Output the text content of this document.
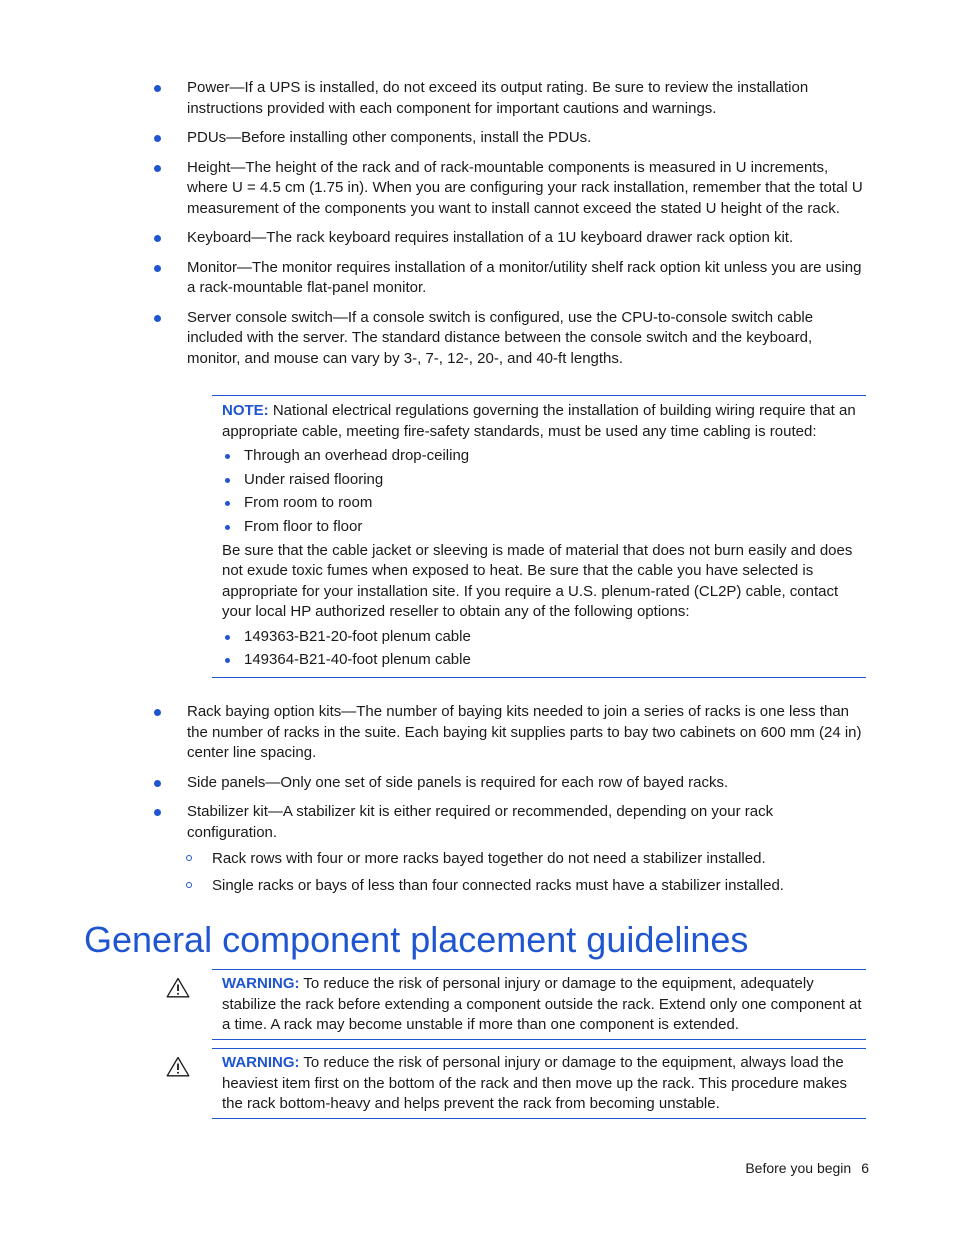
Power—If a UPS is installed, do not exceed its output rating. Be sure to review the installation instructions provided with each component for important cautions and warnings.
PDUs—Before installing other components, install the PDUs.
Height—The height of the rack and of rack-mountable components is measured in U increments, where U = 4.5 cm (1.75 in). When you are configuring your rack installation, remember that the total U measurement of the components you want to install cannot exceed the stated U height of the rack.
Keyboard—The rack keyboard requires installation of a 1U keyboard drawer rack option kit.
Monitor—The monitor requires installation of a monitor/utility shelf rack option kit unless you are using a rack-mountable flat-panel monitor.
Server console switch—If a console switch is configured, use the CPU-to-console switch cable included with the server. The standard distance between the console switch and the keyboard, monitor, and mouse can vary by 3-, 7-, 12-, 20-, and 40-ft lengths.

NOTE: National electrical regulations governing the installation of building wiring require that an appropriate cable, meeting fire-safety standards, must be used any time cabling is routed:

Through an overhead drop-ceiling
Under raised flooring
From room to room
From floor to floor

Be sure that the cable jacket or sleeving is made of material that does not burn easily and does not exude toxic fumes when exposed to heat. Be sure that the cable you have selected is appropriate for your installation site. If you require a U.S. plenum-rated (CL2P) cable, contact your local HP authorized reseller to obtain any of the following options:

149363-B21-20-foot plenum cable
149364-B21-40-foot plenum cable
Rack baying option kits—The number of baying kits needed to join a series of racks is one less than the number of racks in the suite. Each baying kit supplies parts to bay two cabinets on 600 mm (24 in) center line spacing.
Side panels—Only one set of side panels is required for each row of bayed racks.
Stabilizer kit—A stabilizer kit is either required or recommended, depending on your rack configuration.
Rack rows with four or more racks bayed together do not need a stabilizer installed.
Single racks or bays of less than four connected racks must have a stabilizer installed.
General component placement guidelines
WARNING: To reduce the risk of personal injury or damage to the equipment, adequately stabilize the rack before extending a component outside the rack. Extend only one component at a time. A rack may become unstable if more than one component is extended.
WARNING: To reduce the risk of personal injury or damage to the equipment, always load the heaviest item first on the bottom of the rack and then move up the rack. This procedure makes the rack bottom-heavy and helps prevent the rack from becoming unstable.
Before you begin 6
